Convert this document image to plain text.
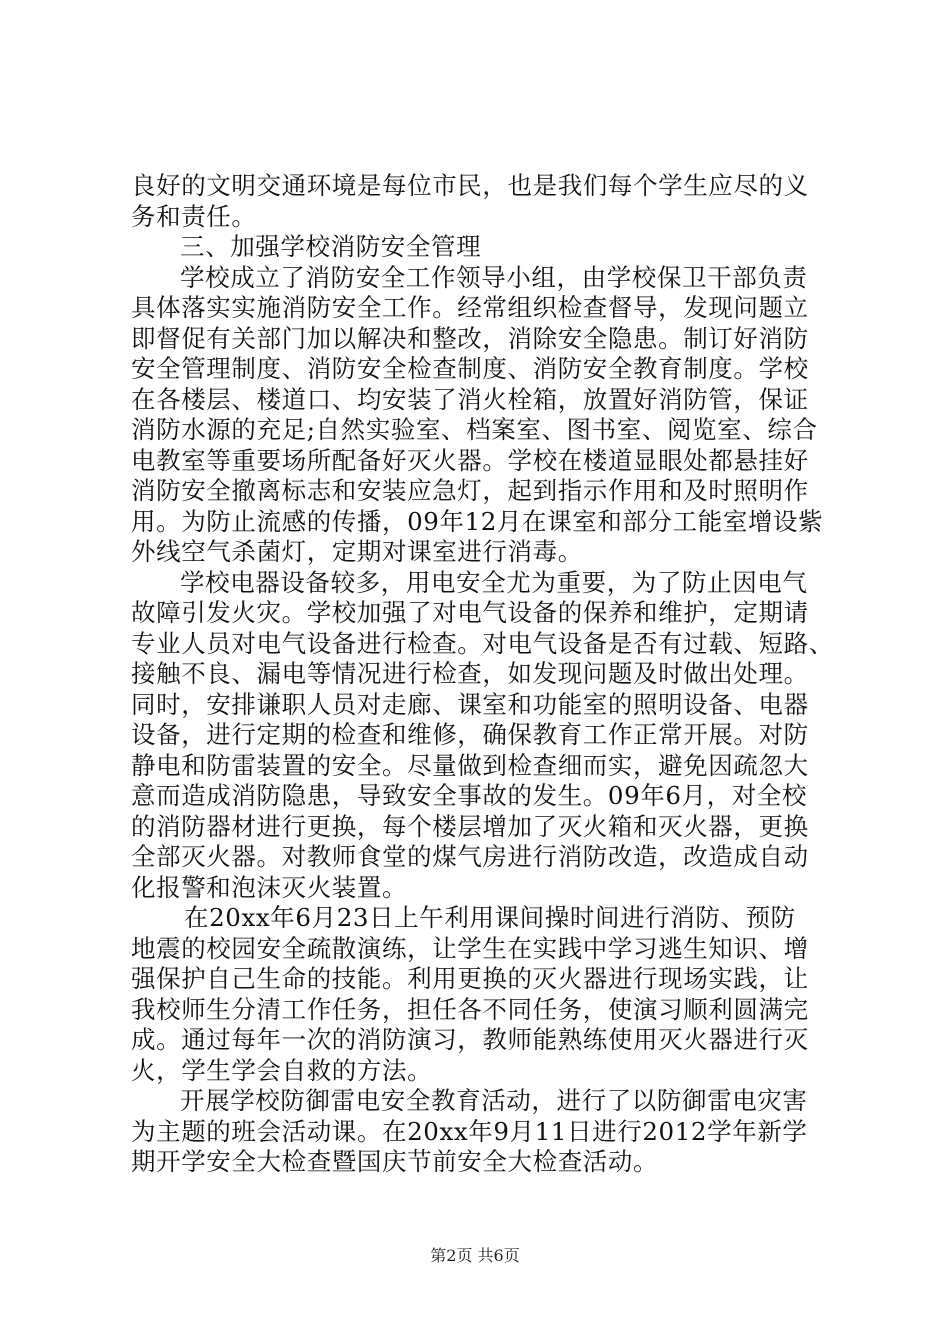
良好的文明交通环境是每位市民，也是我们每个学生应尽的义
务和责任。
三、加强学校消防安全管理
学校成立了消防安全工作领导小组，由学校保卫干部负责
具体落实实施消防安全工作。经常组织检查督导，发现问题立
即督促有关部门加以解决和整改，消除安全隐患。制订好消防
安全管理制度、消防安全检查制度、消防安全教育制度。学校
在各楼层、楼道口、均安装了消火栓箱，放置好消防管，保证
消防水源的充足;自然实验室、档案室、图书室、阅览室、综合
电教室等重要场所配备好灭火器。学校在楼道显眼处都悬挂好
消防安全撤离标志和安装应急灯，起到指示作用和及时照明作
用。为防止流感的传播，09年12月在课室和部分工能室增设紫
外线空气杀菌灯，定期对课室进行消毒。
学校电器设备较多，用电安全尤为重要，为了防止因电气
故障引发火灾。学校加强了对电气设备的保养和维护，定期请
专业人员对电气设备进行检查。对电气设备是否有过载、短路、
接触不良、漏电等情况进行检查，如发现问题及时做出处理。
同时，安排谦职人员对走廊、课室和功能室的照明设备、电器
设备，进行定期的检查和维修，确保教育工作正常开展。对防
静电和防雷装置的安全。尽量做到检查细而实，避免因疏忽大
意而造成消防隐患，导致安全事故的发生。09年6月，对全校
的消防器材进行更换，每个楼层增加了灭火箱和灭火器，更换
全部灭火器。对教师食堂的煤气房进行消防改造，改造成自动
化报警和泡沫灭火装置。
在20xx年6月23日上午利用课间操时间进行消防、预防
地震的校园安全疏散演练，让学生在实践中学习逃生知识、增
强保护自己生命的技能。利用更换的灭火器进行现场实践，让
我校师生分清工作任务，担任各不同任务，使演习顺利圆满完
成。通过每年一次的消防演习，教师能熟练使用灭火器进行灭
火，学生学会自救的方法。
开展学校防御雷电安全教育活动，进行了以防御雷电灾害
为主题的班会活动课。在20xx年9月11日进行2012学年新学
期开学安全大检查暨国庆节前安全大检查活动。
第2页 共6页
